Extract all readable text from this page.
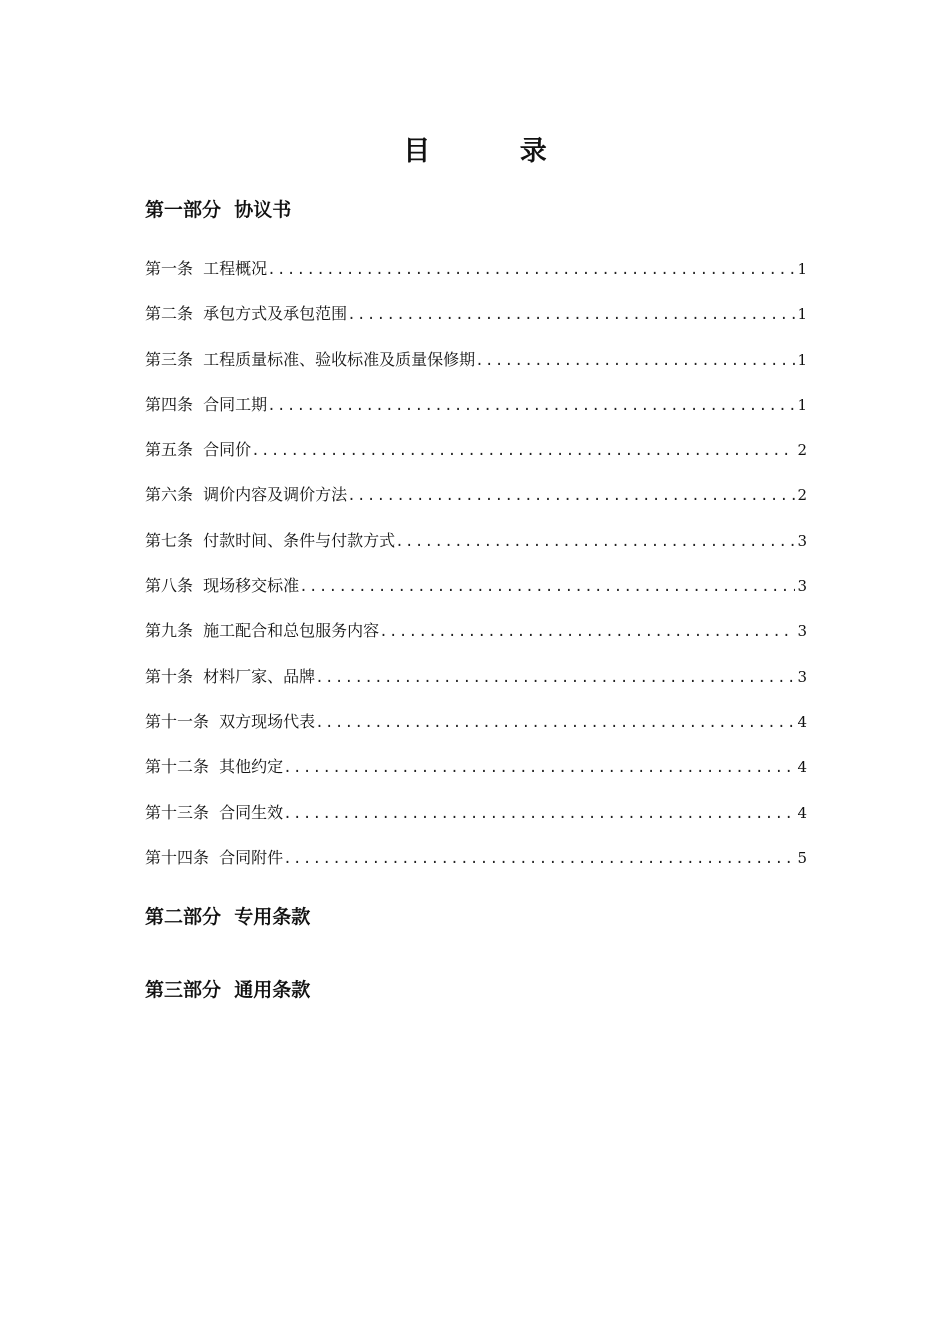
目 录
第一部分  协议书
第一条  工程概况 .....	1
第二条  承包方式及承包范围 .....	1
第三条  工程质量标准、验收标准及质量保修期 .....	1
第四条  合同工期 .....	1
第五条  合同价 .....	2
第六条  调价内容及调价方法 .....	2
第七条  付款时间、条件与付款方式 .....	3
第八条  现场移交标准 .....	3
第九条  施工配合和总包服务内容 .....	3
第十条  材料厂家、品牌 .....	3
第十一条  双方现场代表 .....	4
第十二条  其他约定 .....	4
第十三条  合同生效 .....	4
第十四条  合同附件 .....	5
第二部分  专用条款
第三部分  通用条款
